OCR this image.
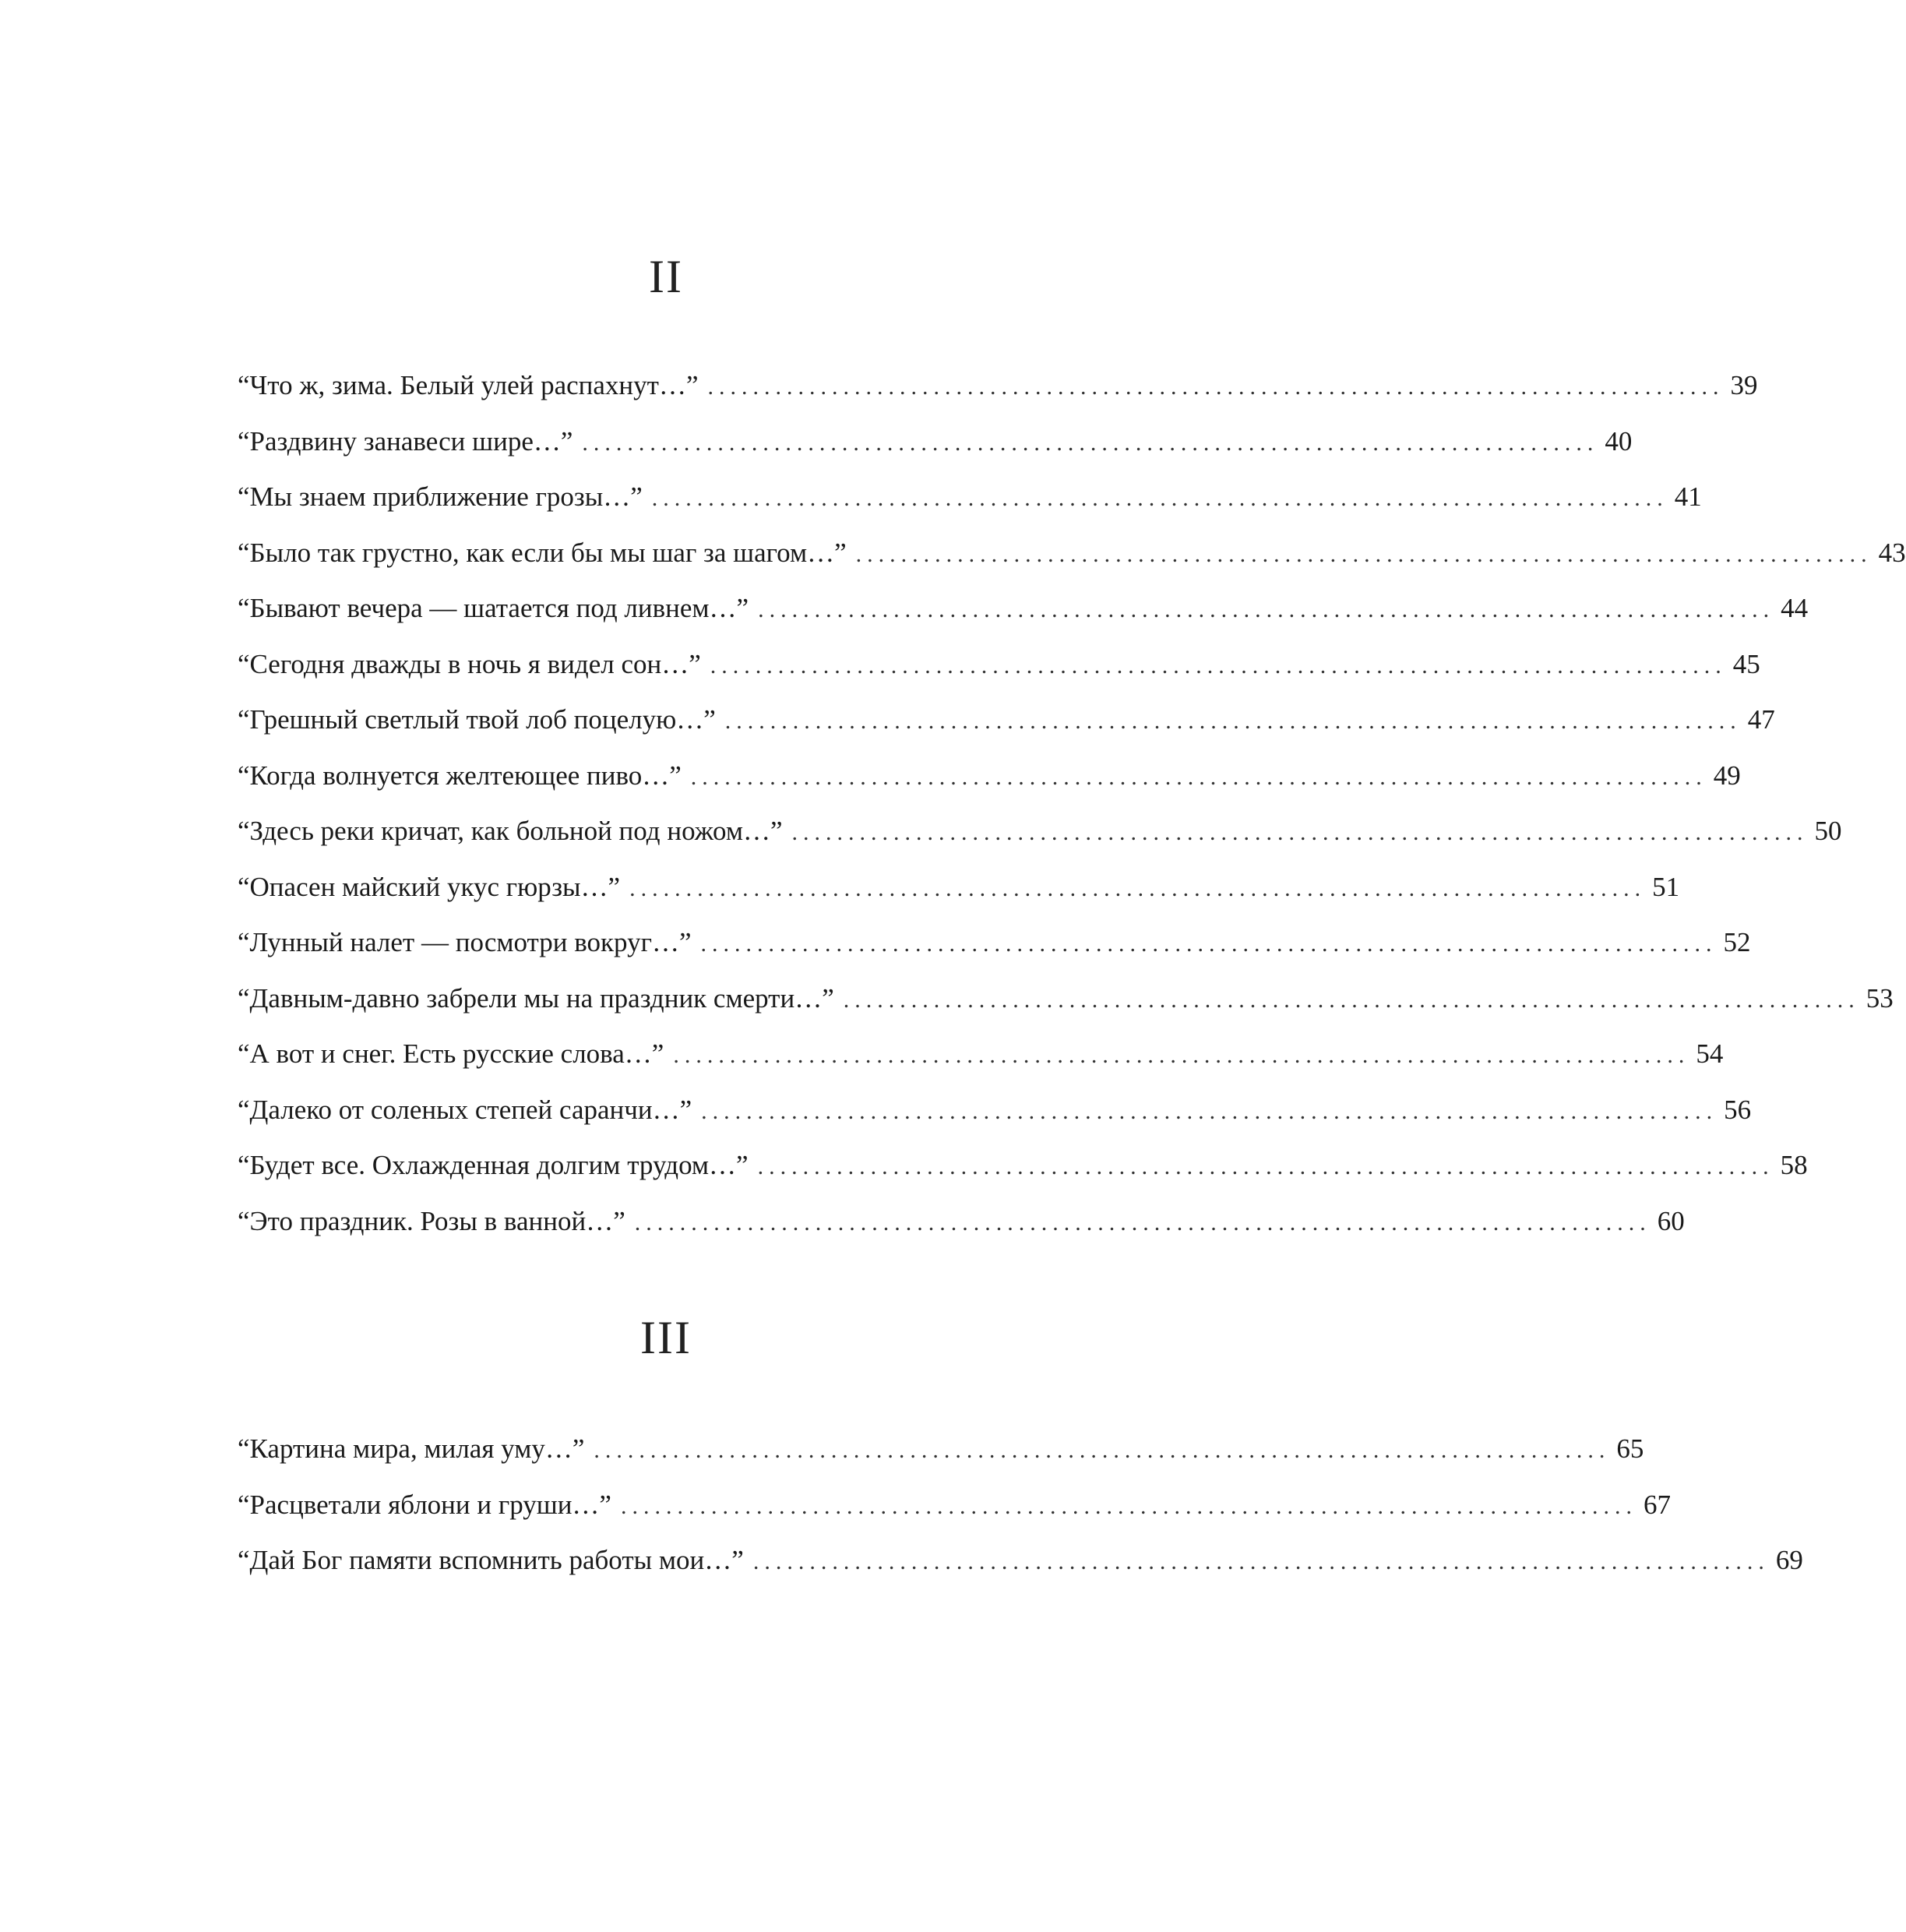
II
“Что ж, зима. Белый улей распахнут…” .......................................................................................... 39
“Раздвину занавеси шире…” .......................................................................................... 40
“Мы знаем приближение грозы…” .......................................................................................... 41
“Было так грустно, как если бы мы шаг за шагом…” .......................................................................................... 43
“Бывают вечера — шатается под ливнем…” .......................................................................................... 44
“Сегодня дважды в ночь я видел сон…” .......................................................................................... 45
“Грешный светлый твой лоб поцелую…” .......................................................................................... 47
“Когда волнуется желтеющее пиво…” .......................................................................................... 49
“Здесь реки кричат, как больной под ножом…” .......................................................................................... 50
“Опасен майский укус гюрзы…” .......................................................................................... 51
“Лунный налет — посмотри вокруг…” .......................................................................................... 52
“Давным-давно забрели мы на праздник смерти…” .......................................................................................... 53
“А вот и снег. Есть русские слова…” .......................................................................................... 54
“Далеко от соленых степей саранчи…” .......................................................................................... 56
“Будет все. Охлажденная долгим трудом…” .......................................................................................... 58
“Это праздник. Розы в ванной…” .......................................................................................... 60
III
“Картина мира, милая уму…” .......................................................................................... 65
“Расцветали яблони и груши…” .......................................................................................... 67
“Дай Бог памяти вспомнить работы мои…” .......................................................................................... 69
